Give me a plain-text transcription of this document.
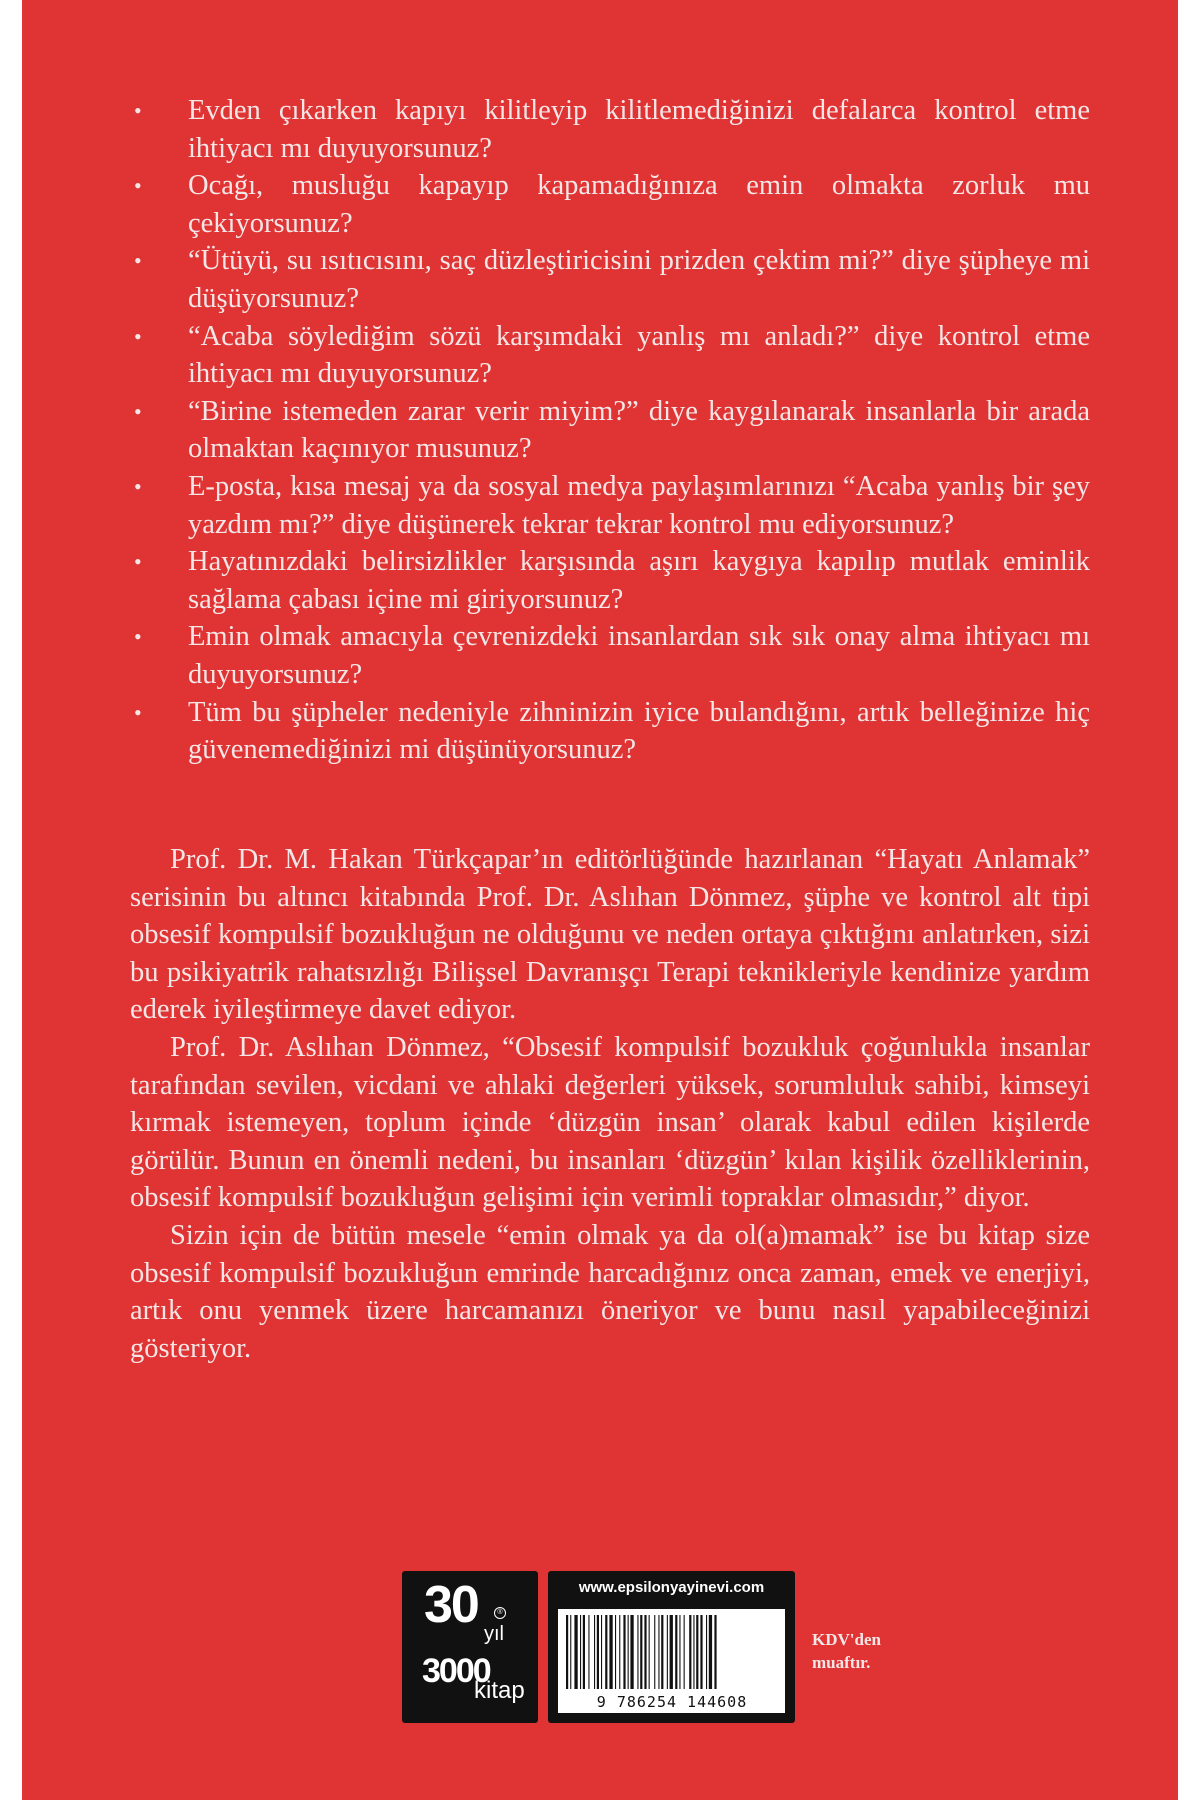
• Evden çıkarken kapıyı kilitleyip kilitlemediğinizi defalarca kontrol etme ihtiyacı mı duyuyorsunuz?
• Ocağı, musluğu kapayıp kapamadığınıza emin olmakta zorluk mu çekiyorsunuz?
• “Ütüyü, su ısıtıcısını, saç düzleştiricisini prizden çektim mi?” diye şüpheye mi düşüyorsunuz?
• “Acaba söylediğim sözü karşımdaki yanlış mı anladı?” diye kontrol etme ihtiyacı mı duyuyorsunuz?
• “Birine istemeden zarar verir miyim?” diye kaygılanarak insanlarla bir arada olmaktan kaçınıyor musunuz?
• E-posta, kısa mesaj ya da sosyal medya paylaşımlarınızı “Acaba yanlış bir şey yazdım mı?” diye düşünerek tekrar tekrar kontrol mu ediyorsunuz?
• Hayatınızdaki belirsizlikler karşısında aşırı kaygıya kapılıp mutlak eminlik sağlama çabası içine mi giriyorsunuz?
• Emin olmak amacıyla çevrenizdeki insanlardan sık sık onay alma ihtiyacı mı duyuyorsunuz?
• Tüm bu şüpheler nedeniyle zihninizin iyice bulandığını, artık belleğinize hiç güvenemediğinizi mi düşünüyorsunuz?

Prof. Dr. M. Hakan Türkçapar’ın editörlüğünde hazırlanan “Hayatı Anlamak” serisinin bu altıncı kitabında Prof. Dr. Aslıhan Dönmez, şüphe ve kontrol alt tipi obsesif kompulsif bozukluğun ne olduğunu ve neden ortaya çıktığını anlatırken, sizi bu psikiyatrik rahatsızlığı Bilişsel Davranışçı Terapi teknikleriyle kendinize yardım ederek iyileştirmeye davet ediyor.

Prof. Dr. Aslıhan Dönmez, “Obsesif kompulsif bozukluk çoğunlukla insanlar tarafından sevilen, vicdani ve ahlaki değerleri yüksek, sorumluluk sahibi, kimseyi kırmak istemeyen, toplum içinde ‘düzgün insan’ olarak kabul edilen kişilerde görülür. Bunun en önemli nedeni, bu insanları ‘düzgün’ kılan kişilik özelliklerinin, obsesif kompulsif bozukluğun gelişimi için verimli topraklar olmasıdır,” diyor.

Sizin için de bütün mesele “emin olmak ya da ol(a)mamak” ise bu kitap size obsesif kompulsif bozukluğun emrinde harcadığınız onca zaman, emek ve enerjiyi, artık onu yenmek üzere harcamanızı öneriyor ve bunu nasıl yapabileceğinizi gösteriyor.

30	®
yıl
3000
kitap
www.epsilonyayinevi.com
9 786254 144608
KDV'den
muaftır.
